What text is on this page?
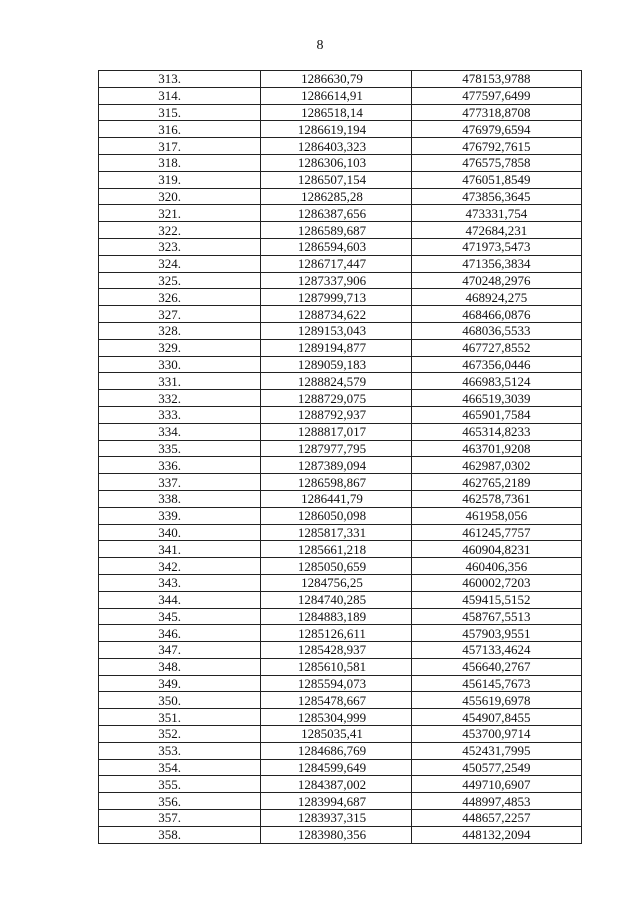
8
313.	1286630,79	478153,9788
314.	1286614,91	477597,6499
315.	1286518,14	477318,8708
316.	1286619,194	476979,6594
317.	1286403,323	476792,7615
318.	1286306,103	476575,7858
319.	1286507,154	476051,8549
320.	1286285,28	473856,3645
321.	1286387,656	473331,754
322.	1286589,687	472684,231
323.	1286594,603	471973,5473
324.	1286717,447	471356,3834
325.	1287337,906	470248,2976
326.	1287999,713	468924,275
327.	1288734,622	468466,0876
328.	1289153,043	468036,5533
329.	1289194,877	467727,8552
330.	1289059,183	467356,0446
331.	1288824,579	466983,5124
332.	1288729,075	466519,3039
333.	1288792,937	465901,7584
334.	1288817,017	465314,8233
335.	1287977,795	463701,9208
336.	1287389,094	462987,0302
337.	1286598,867	462765,2189
338.	1286441,79	462578,7361
339.	1286050,098	461958,056
340.	1285817,331	461245,7757
341.	1285661,218	460904,8231
342.	1285050,659	460406,356
343.	1284756,25	460002,7203
344.	1284740,285	459415,5152
345.	1284883,189	458767,5513
346.	1285126,611	457903,9551
347.	1285428,937	457133,4624
348.	1285610,581	456640,2767
349.	1285594,073	456145,7673
350.	1285478,667	455619,6978
351.	1285304,999	454907,8455
352.	1285035,41	453700,9714
353.	1284686,769	452431,7995
354.	1284599,649	450577,2549
355.	1284387,002	449710,6907
356.	1283994,687	448997,4853
357.	1283937,315	448657,2257
358.	1283980,356	448132,2094
